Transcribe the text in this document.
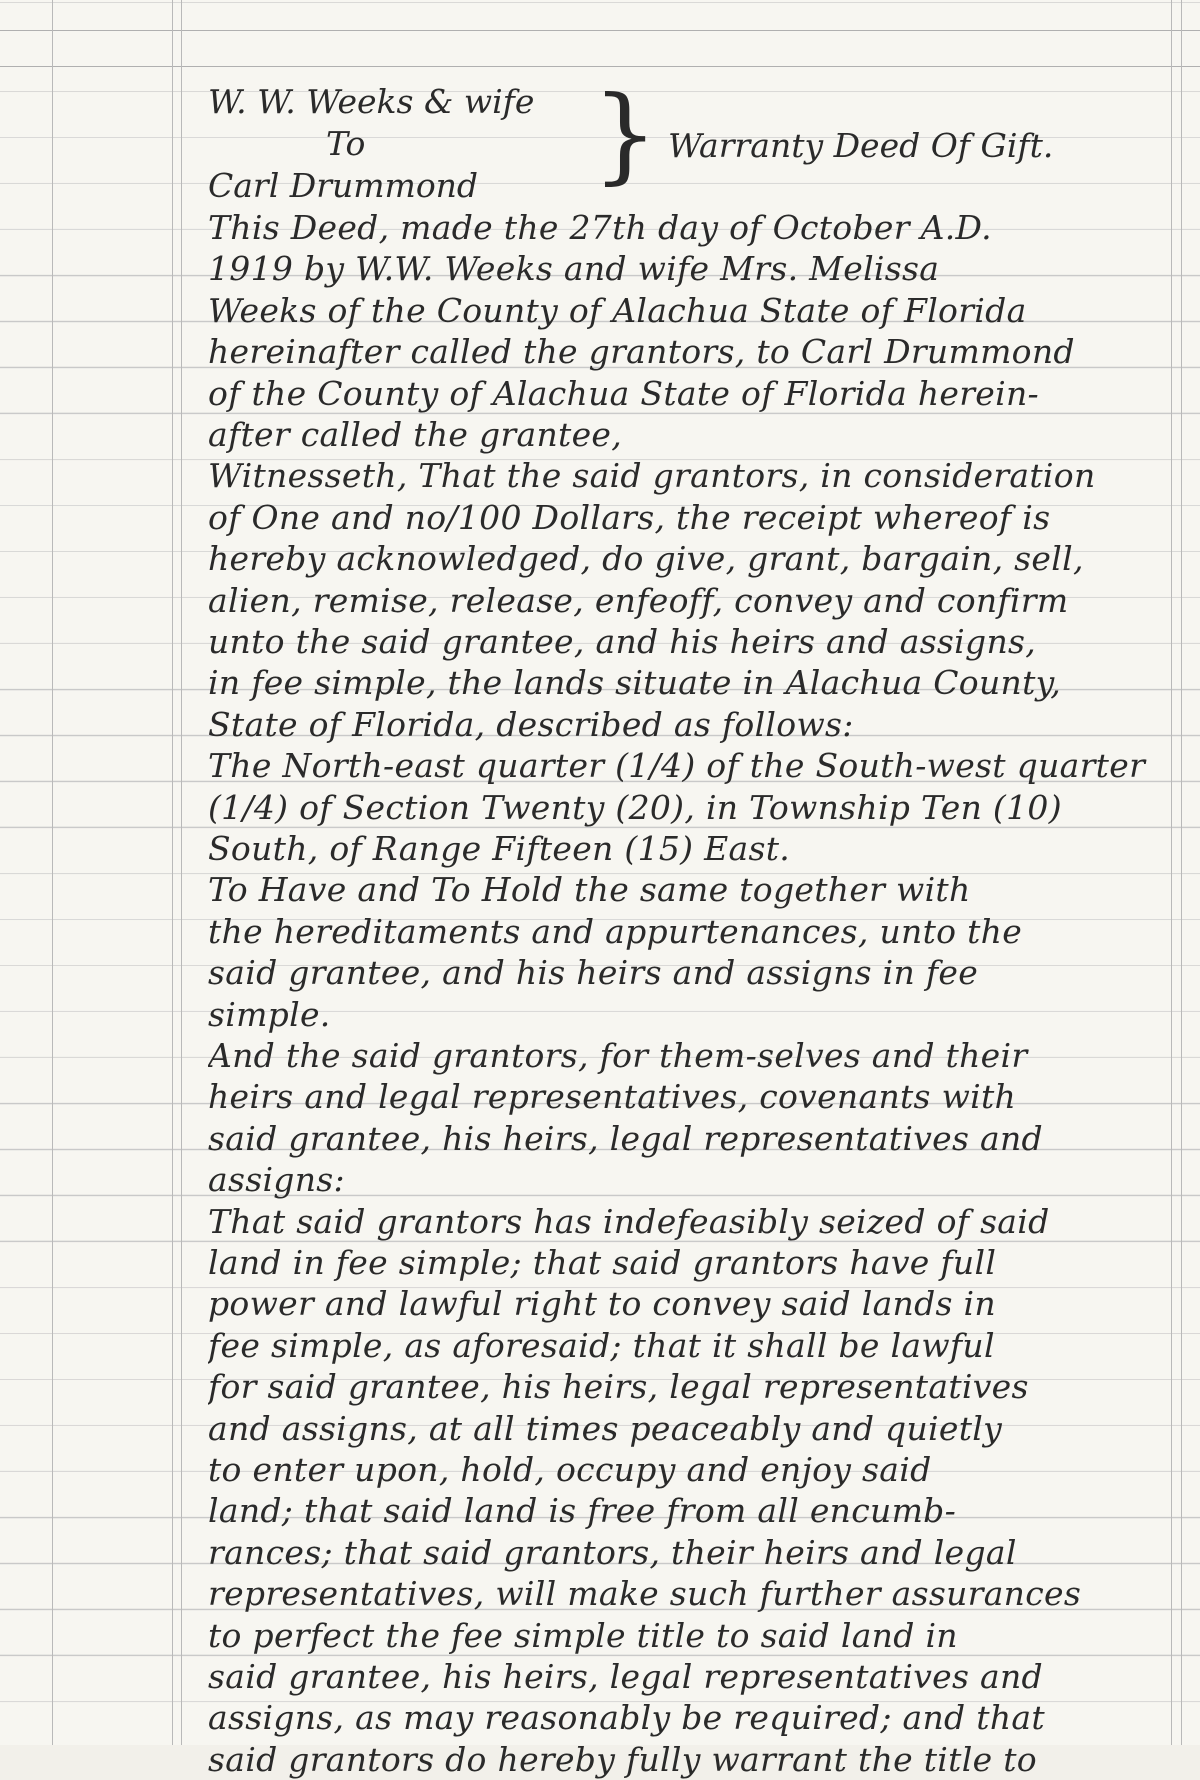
W. W. Weeks & wife
To
Carl Drummond } Warranty Deed Of Gift.
This Deed, made the 27th day of October A.D.
1919 by W.W. Weeks and wife Mrs. Melissa
Weeks of the County of Alachua State of Florida
hereinafter called the grantors, to Carl Drummond
of the County of Alachua State of Florida herein-
after called the grantee,
Witnesseth, That the said grantors, in consideration
of One and no/100 Dollars, the receipt whereof is
hereby acknowledged, do give, grant, bargain, sell,
alien, remise, release, enfeoff, convey and confirm
unto the said grantee, and his heirs and assigns,
in fee simple, the lands situate in Alachua County,
State of Florida, described as follows:
The North-east quarter (1/4) of the South-west quarter
(1/4) of Section Twenty (20), in Township Ten (10)
South, of Range Fifteen (15) East.
To Have and To Hold the same together with
the hereditaments and appurtenances, unto the
said grantee, and his heirs and assigns in fee
simple.
And the said grantors, for them-selves and their
heirs and legal representatives, covenants with
said grantee, his heirs, legal representatives and
assigns:
That said grantors has indefeasibly seized of said
land in fee simple; that said grantors have full
power and lawful right to convey said lands in
fee simple, as aforesaid; that it shall be lawful
for said grantee, his heirs, legal representatives
and assigns, at all times peaceably and quietly
to enter upon, hold, occupy and enjoy said
land; that said land is free from all encumb-
rances; that said grantors, their heirs and legal
representatives, will make such further assurances
to perfect the fee simple title to said land in
said grantee, his heirs, legal representatives and
assigns, as may reasonably be required; and that
said grantors do hereby fully warrant the title to
